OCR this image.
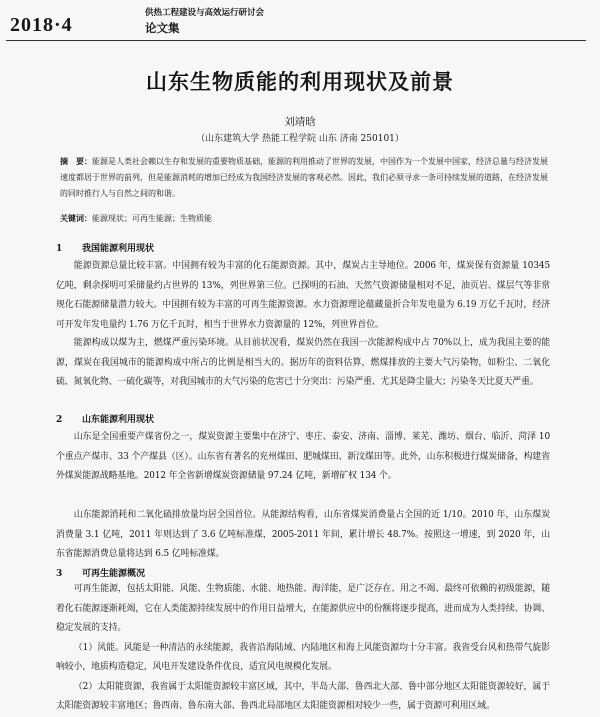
2018·4
供热工程建设与高效运行研讨会
论文集
山东生物质能的利用现状及前景
刘靖晗
（山东建筑大学 热能工程学院 山东 济南 250101）
摘　要：能源是人类社会赖以生存和发展的重要物质基础，能源的利用推动了世界的发展，中国作为一个发展中国家，经济总量与经济发展速度都居于世界的前列，但是能源消耗的增加已经成为我国经济发展的客观必然。因此，我们必须寻求一条可持续发展的道路，在经济发展的同时推行人与自然之间的和谐。
关键词：能源现状；可再生能源；生物质能
1 我国能源利用现状

能源资源总量比较丰富。中国拥有较为丰富的化石能源资源。其中，煤炭占主导地位。2006 年，煤炭保有资源量 10345 亿吨，剩余探明可采储量约占世界的 13%，列世界第三位。已探明的石油、天然气资源储量相对不足，油页岩、煤层气等非常规化石能源储量潜力较大。中国拥有较为丰富的可再生能源资源。水力资源理论蕴藏量折合年发电量为 6.19 万亿千瓦时，经济可开发年发电量约 1.76 万亿千瓦时，相当于世界水力资源量的 12%，列世界首位。

能源构成以煤为主，燃煤严重污染环境。从目前状况看，煤炭仍然在我国一次能源构成中占 70%以上，成为我国主要的能源，煤炭在我国城市的能源构成中所占的比例是相当大的。据历年的资料估算，燃煤排放的主要大气污染物，如粉尘、二氧化硫、氮氧化物、一硫化碳等，对我国城市的大气污染的危害已十分突出：污染严重、尤其是降尘量大；污染冬天比夏天严重。

2 山东能源利用现状

山东是全国重要产煤省份之一，煤炭资源主要集中在济宁、枣庄、泰安、济南、淄博、莱芜、潍坊、烟台、临沂、菏泽 10 个重点产煤市、33 个产煤县（区）。山东省有著名的兖州煤田、肥城煤田、新汶煤田等。此外，山东积极进行煤炭储备，构建省外煤炭能源战略基地。2012 年全省新增煤炭资源储量 97.24 亿吨，新增矿权 134 个。

山东能源消耗和二氧化硫排放量均居全国首位。从能源结构看，山东省煤炭消费量占全国的近 1/10。2010 年，山东煤炭消费量 3.1 亿吨，2011 年则达到了 3.6 亿吨标准煤，2005-2011 年间，累计增长 48.7%。按照这一增速，到 2020 年，山东省能源消费总量将达到 6.5 亿吨标准煤。

3 可再生能源概况

可再生能源，包括太阳能、风能、生物质能、水能、地热能、海洋能，是广泛存在、用之不竭、最终可依赖的初级能源，随着化石能源逐渐耗竭，它在人类能源持续发展中的作用日益增大，在能源供应中的份额将逐步提高，进而成为人类持续、协调、稳定发展的支持。

（1）风能。风能是一种清洁的永续能源，我省沿海陆域、内陆地区和海上风能资源均十分丰富。我省受台风和热带气旋影响较小，地质构造稳定，风电开发建设条件优良，适宜风电规模化发展。

（2）太阳能资源，我省属于太阳能资源较丰富区域，其中，半岛大部、鲁西北大部、鲁中部分地区太阳能资源较好，属于太阳能资源较丰富地区；鲁西南、鲁东南大部、鲁西北局部地区太阳能资源相对较少一些，属于资源可利用区域。
